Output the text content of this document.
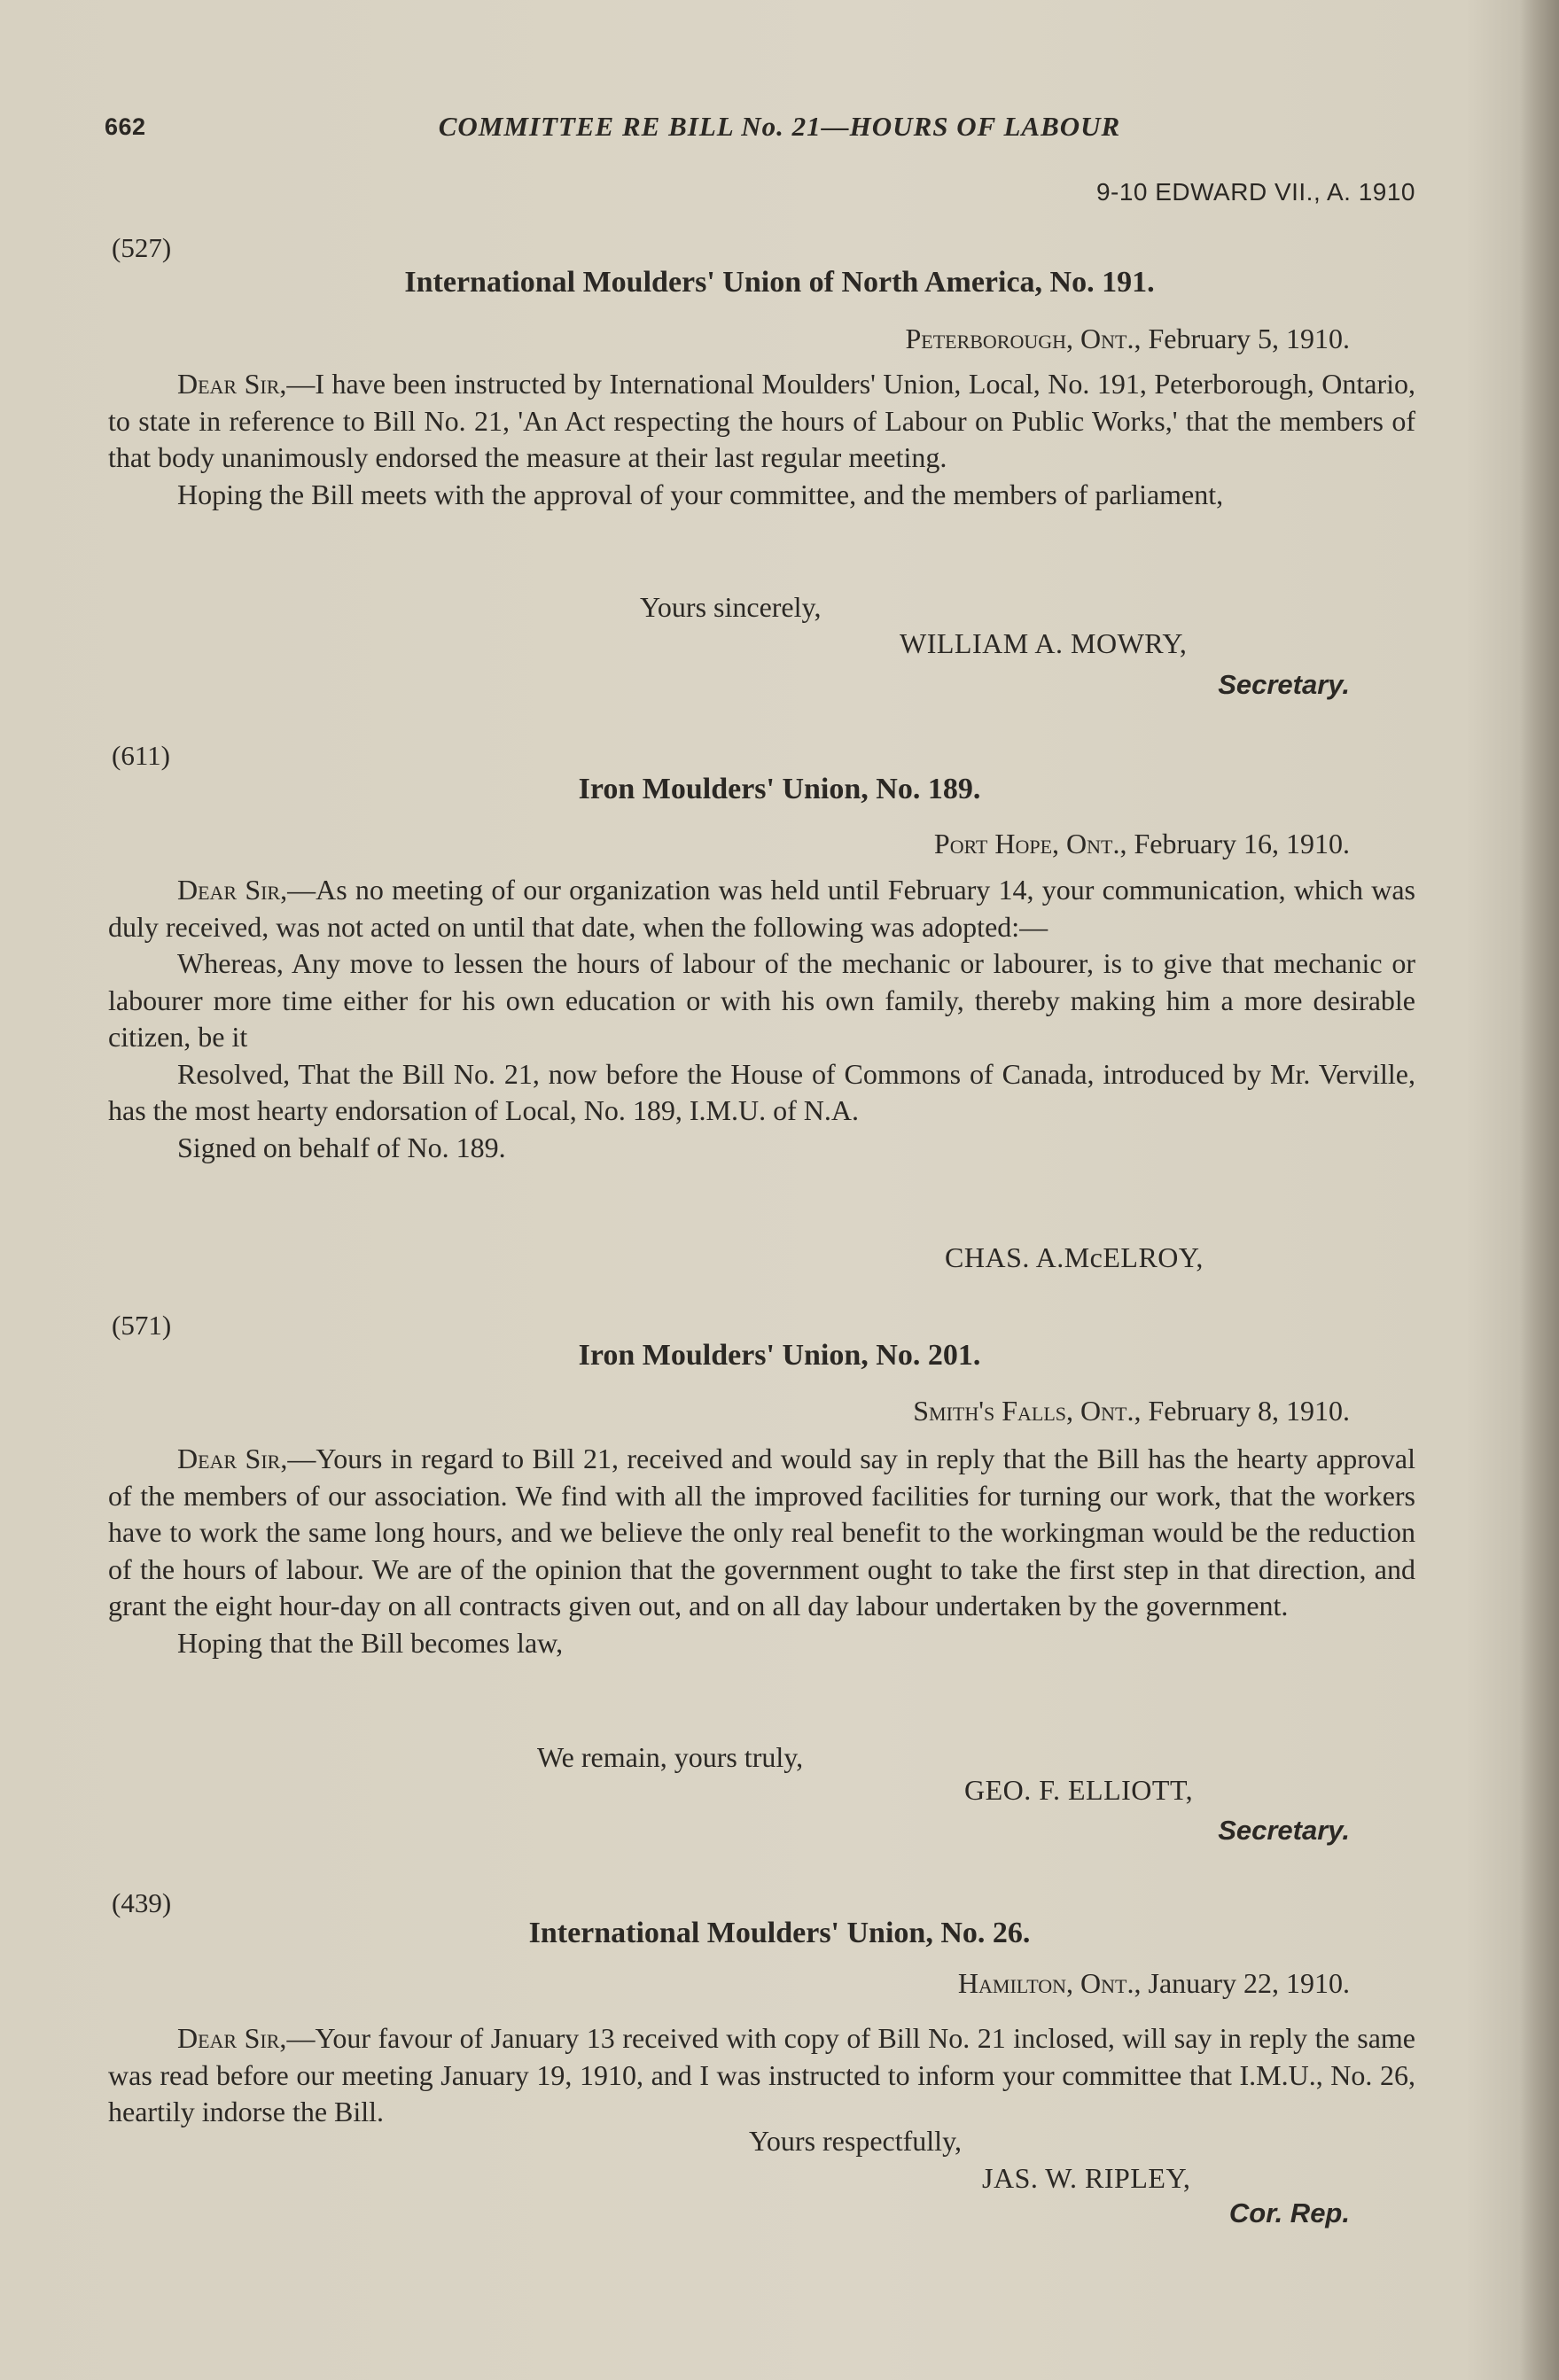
662	COMMITTEE RE BILL No. 21—HOURS OF LABOUR
9-10 EDWARD VII., A. 1910
(527)
International Moulders' Union of North America, No. 191.
Peterborough, Ont., February 5, 1910.

Dear Sir,—I have been instructed by International Moulders' Union, Local, No. 191, Peterborough, Ontario, to state in reference to Bill No. 21, 'An Act respecting the hours of Labour on Public Works,' that the members of that body unanimously endorsed the measure at their last regular meeting.

Hoping the Bill meets with the approval of your committee, and the members of parliament,

Yours sincerely,
WILLIAM A. MOWRY,
Secretary.
(611)
Iron Moulders' Union, No. 189.
Port Hope, Ont., February 16, 1910.

Dear Sir,—As no meeting of our organization was held until February 14, your communication, which was duly received, was not acted on until that date, when the following was adopted:—

Whereas, Any move to lessen the hours of labour of the mechanic or labourer, is to give that mechanic or labourer more time either for his own education or with his own family, thereby making him a more desirable citizen, be it

Resolved, That the Bill No. 21, now before the House of Commons of Canada, introduced by Mr. Verville, has the most hearty endorsation of Local, No. 189, I.M.U. of N.A.

Signed on behalf of No. 189.

CHAS. A.McELROY,
(571)
Iron Moulders' Union, No. 201.
Smith's Falls, Ont., February 8, 1910.

Dear Sir,—Yours in regard to Bill 21, received and would say in reply that the Bill has the hearty approval of the members of our association. We find with all the improved facilities for turning our work, that the workers have to work the same long hours, and we believe the only real benefit to the workingman would be the reduction of the hours of labour. We are of the opinion that the government ought to take the first step in that direction, and grant the eight hour-day on all contracts given out, and on all day labour undertaken by the government.

Hoping that the Bill becomes law,

We remain, yours truly,
GEO. F. ELLIOTT,
Secretary.
(439)
International Moulders' Union, No. 26.
Hamilton, Ont., January 22, 1910.

Dear Sir,—Your favour of January 13 received with copy of Bill No. 21 inclosed, will say in reply the same was read before our meeting January 19, 1910, and I was instructed to inform your committee that I.M.U., No. 26, heartily indorse the Bill.

Yours respectfully,
JAS. W. RIPLEY,
Cor. Rep.
